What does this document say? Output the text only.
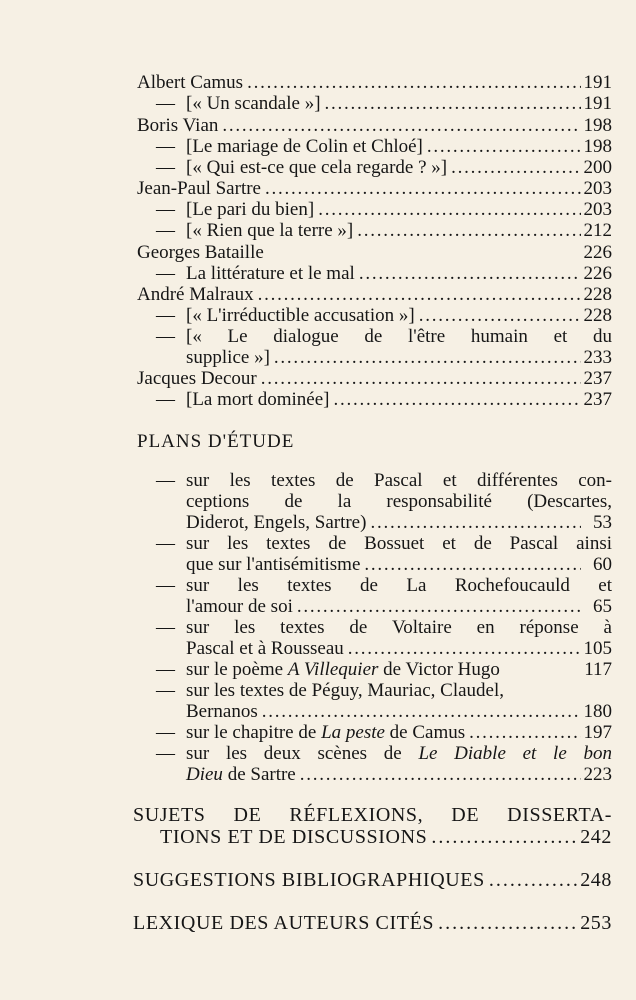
Albert Camus . . .	191
— [« Un scandale »] . . .	191
Boris Vian . . .	198
— [Le mariage de Colin et Chloé] . . .	198
— [« Qui est-ce que cela regarde ? »] . . .	200
Jean-Paul Sartre . . .	203
— [Le pari du bien] . . .	203
— [« Rien que la terre »] . . .	212
Georges Bataille	226
— La littérature et le mal . . .	226
André Malraux . . .	228
— [« L'irréductible accusation »] . . .	228
— [« Le dialogue de l'être humain et du
supplice »] . . .	233
Jacques Decour . . .	237
— [La mort dominée] . . .	237
PLANS D'ÉTUDE
— sur les textes de Pascal et différentes con-
ceptions de la responsabilité (Descartes,
Diderot, Engels, Sartre) . . .	53
— sur les textes de Bossuet et de Pascal ainsi
que sur l'antisémitisme . . .	60
— sur les textes de La Rochefoucauld et
l'amour de soi . . .	65
— sur les textes de Voltaire en réponse à
Pascal et à Rousseau . . .	105
— sur le poème A Villequier de Victor Hugo	117
— sur les textes de Péguy, Mauriac, Claudel,
Bernanos . . .	180
— sur le chapitre de La peste de Camus . . .	197
— sur les deux scènes de Le Diable et le bon
Dieu de Sartre . . .	223
SUJETS DE RÉFLEXIONS, DE DISSERTA-
TIONS ET DE DISCUSSIONS . . .	242
SUGGESTIONS BIBLIOGRAPHIQUES . . .	248
LEXIQUE DES AUTEURS CITÉS . . .	253
